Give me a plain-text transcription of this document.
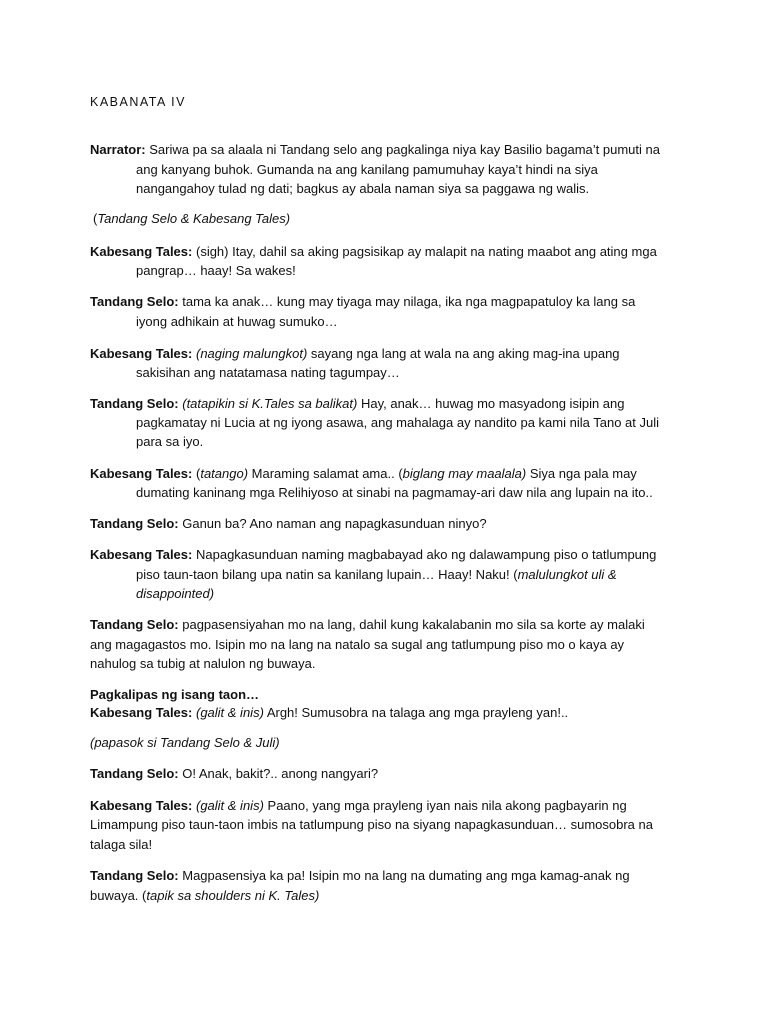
KABANATA IV
Narrator: Sariwa pa sa alaala ni Tandang selo ang pagkalinga niya kay Basilio bagama’t pumuti na
ang kanyang buhok. Gumanda na ang kanilang pamumuhay kaya’t hindi na siya
nangangahoy tulad ng dati; bagkus ay abala naman siya sa paggawa ng walis.
(Tandang Selo & Kabesang Tales)
Kabesang Tales: (sigh) Itay, dahil sa aking pagsisikap ay malapit na nating maabot ang ating mga
pangrap… haay! Sa wakes!
Tandang Selo: tama ka anak… kung may tiyaga may nilaga, ika nga magpapatuloy ka lang sa
iyong adhikain at huwag sumuko…
Kabesang Tales: (naging malungkot) sayang nga lang at wala na ang aking mag-ina upang
sakisihan ang natatamasa nating tagumpay…
Tandang Selo: (tatapikin si K.Tales sa balikat) Hay, anak… huwag mo masyadong isipin ang
pagkamatay ni Lucia at ng iyong asawa, ang mahalaga ay nandito pa kami nila Tano at Juli
para sa iyo.
Kabesang Tales: (tatango) Maraming salamat ama.. (biglang may maalala) Siya nga pala may
dumating kaninang mga Relihiyoso at sinabi na pagmamay-ari daw nila ang lupain na ito..
Tandang Selo: Ganun ba? Ano naman ang napagkasunduan ninyo?
Kabesang Tales: Napagkasunduan naming magbabayad ako ng dalawampung piso o tatlumpung
piso taun-taon bilang upa natin sa kanilang lupain… Haay! Naku! (malulungkot uli &
disappointed)
Tandang Selo: pagpasensiyahan mo na lang, dahil kung kakalabanin mo sila sa korte ay malaki
ang magagastos mo. Isipin mo na lang na natalo sa sugal ang tatlumpung piso mo o kaya ay
nahulog sa tubig at nalulon ng buwaya.
Pagkalipas ng isang taon…
Kabesang Tales: (galit & inis) Argh! Sumusobra na talaga ang mga prayleng yan!..
(papasok si Tandang Selo & Juli)
Tandang Selo: O! Anak, bakit?.. anong nangyari?
Kabesang Tales: (galit & inis) Paano, yang mga prayleng iyan nais nila akong pagbayarin ng
Limampung piso taun-taon imbis na tatlumpung piso na siyang napagkasunduan… sumosobra na
talaga sila!
Tandang Selo: Magpasensiya ka pa! Isipin mo na lang na dumating ang mga kamag-anak ng
buwaya. (tapik sa shoulders ni K. Tales)
